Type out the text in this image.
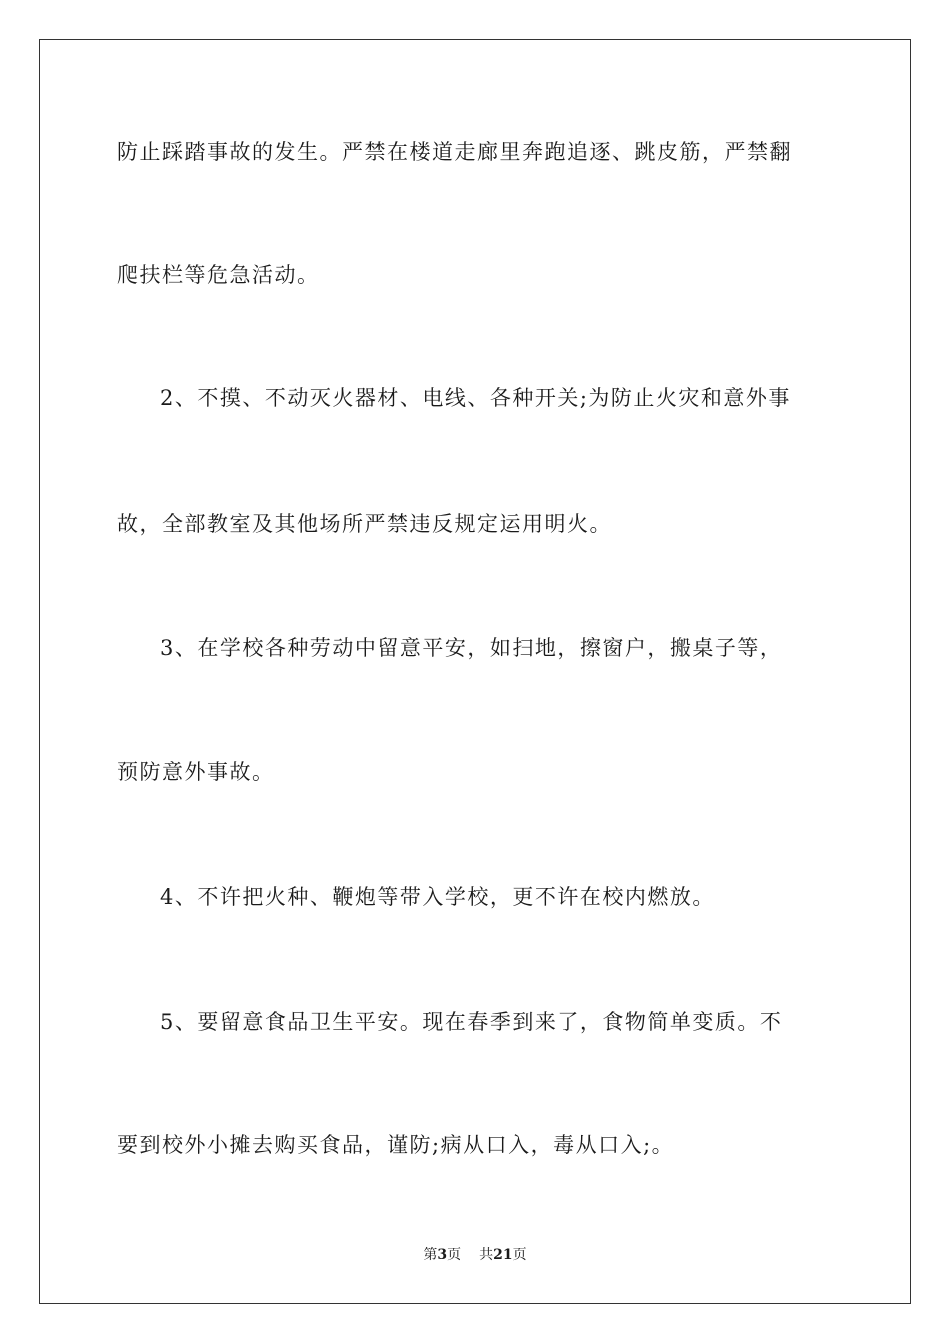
防止踩踏事故的发生。严禁在楼道走廊里奔跑追逐、跳皮筋，严禁翻
爬扶栏等危急活动。
2、不摸、不动灭火器材、电线、各种开关;为防止火灾和意外事
故，全部教室及其他场所严禁违反规定运用明火。
3、在学校各种劳动中留意平安，如扫地，擦窗户，搬桌子等，
预防意外事故。
4、不许把火种、鞭炮等带入学校，更不许在校内燃放。
5、要留意食品卫生平安。现在春季到来了，食物简单变质。不
要到校外小摊去购买食品，谨防;病从口入，毒从口入;。
第3页 共21页
